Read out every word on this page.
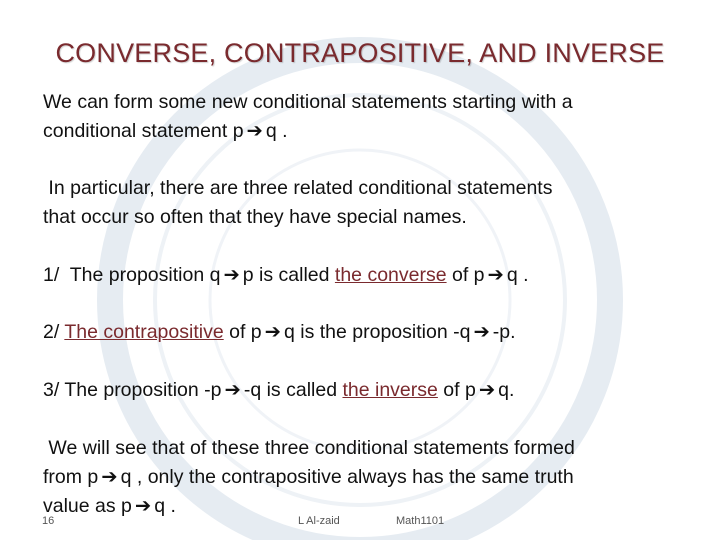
CONVERSE, CONTRAPOSITIVE, AND INVERSE
We can form some new conditional statements starting with a
conditional statement p ➔ q .
In particular, there are three related conditional statements
that occur so often that they have special names.
1/  The proposition q ➔ p is called the converse of p ➔ q .
2/ The contrapositive of p ➔ q is the proposition -q ➔ -p.
3/ The proposition -p ➔ -q is called the inverse of p ➔ q.
We will see that of these three conditional statements formed
from p ➔ q , only the contrapositive always has the same truth
value as p ➔ q .
16	L Al-zaid	Math1101
